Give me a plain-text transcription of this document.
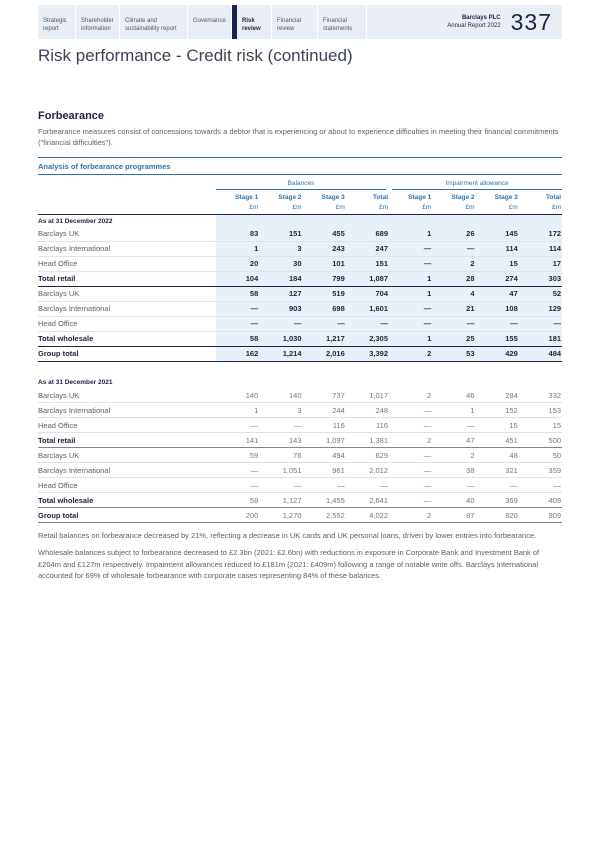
Strategic report
Shareholder information
Climate and sustainability report
Governance	Risk review
Financial review
Financial statements
Barclays PLC
Annual Report 2022 337
Risk performance - Credit risk (continued)
Forbearance
Forbearance measures consist of concessions towards a debtor that is experiencing or about to experience difficulties in meeting their financial commitments ("financial difficulties").
Analysis of forbearance programmes

	Balances				Impairment allowance			

	Stage 1	Stage 2	Stage 3	Total	Stage 1	Stage 2	Stage 3	Total
	£m	£m	£m	£m	£m	£m	£m	£m
As at 31 December 2022								
Barclays UK	83	151	455	689	1	26	145	172
Barclays International	1	3	243	247	—	—	114	114
Head Office	20	30	101	151	—	2	15	17
Total retail	104	184	799	1,087	1	28	274	303
Barclays UK	58	127	519	704	1	4	47	52
Barclays International	—	903	698	1,601	—	21	108	129
Head Office	—	—	—	—	—	—	—	—
Total wholesale	58	1,030	1,217	2,305	1	25	155	181
Group total	162	1,214	2,016	3,392	2	53	429	484

As at 31 December 2021								
Barclays UK	140	140	737	1,017	2	46	284	332
Barclays International	1	3	244	248	—	1	152	153
Head Office	—	—	116	116	—	—	15	15
Total retail	141	143	1,097	1,381	2	47	451	500
Barclays UK	59	76	494	629	—	2	48	50
Barclays International	—	1,051	961	2,012	—	38	321	359
Head Office	—	—	—	—	—	—	—	—
Total wholesale	59	1,127	1,455	2,641	—	40	369	409
Group total	200	1,270	2,552	4,022	2	87	820	909

Retail balances on forbearance decreased by 21%, reflecting a decrease in UK cards and UK personal loans, driven by lower entries into forbearance.

Wholesale balances subject to forbearance decreased to £2.3bn (2021: £2.6bn) with reductions in exposure in Corporate Bank and Investment Bank of £204m and £127m respectively. Impairment allowances reduced to £181m (2021: £409m) following a range of notable write offs. Barclays International accounted for 69% of wholesale forbearance with corporate cases representing 84% of these balances.
